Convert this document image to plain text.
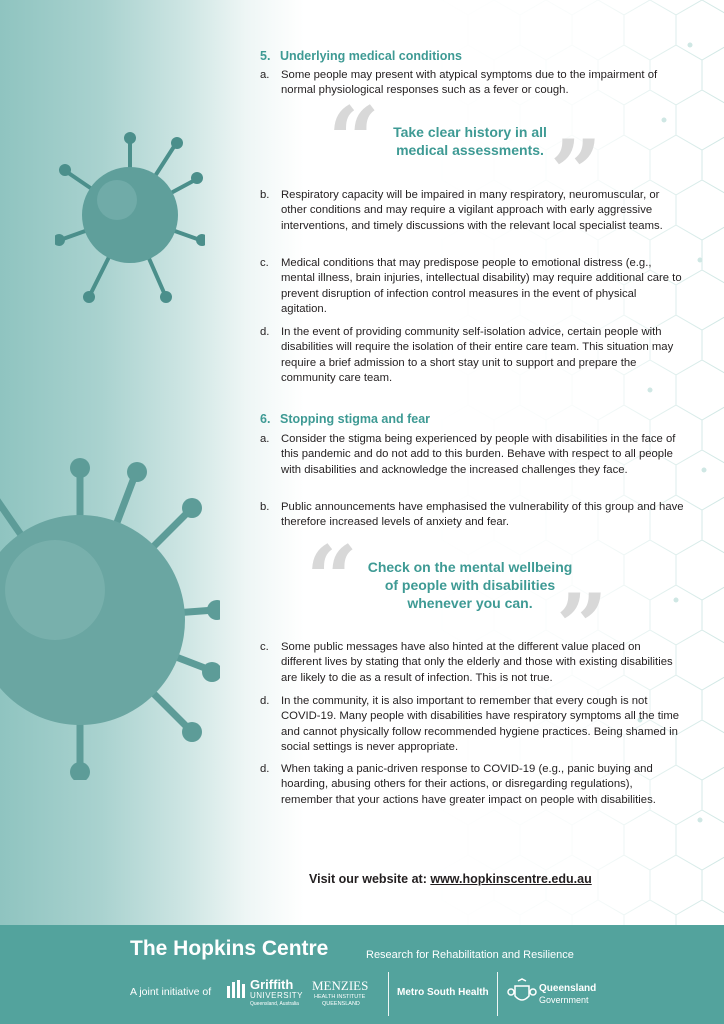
5. Underlying medical conditions
a.	Some people may present with atypical symptoms due to the impairment of normal physiological responses such as a fever or cough.
b.	Respiratory capacity will be impaired in many respiratory, neuromuscular, or other conditions and may require a vigilant approach with early aggressive interventions, and timely discussions with the relevant local specialist teams.
c.	Medical conditions that may predispose people to emotional distress (e.g., mental illness, brain injuries, intellectual disability) may require additional care to prevent disruption of infection control measures in the event of physical agitation.
d.	In the event of providing community self-isolation advice, certain people with disabilities will require the isolation of their entire care team. This situation may require a brief admission to a short stay unit to support and prepare the community care team.
6. Stopping stigma and fear
a.	Consider the stigma being experienced by people with disabilities in the face of this pandemic and do not add to this burden. Behave with respect to all people with disabilities and acknowledge the increased challenges they face.
b.	Public announcements have emphasised the vulnerability of this group and have therefore increased levels of anxiety and fear.
c.	Some public messages have also hinted at the different value placed on different lives by stating that only the elderly and those with existing disabilities are likely to die as a result of infection. This is not true.
d.	In the community, it is also important to remember that every cough is not COVID-19. Many people with disabilities have respiratory symptoms all the time and cannot physically follow recommended hygiene practices. Being shamed in social settings is never appropriate.
d.	When taking a panic-driven response to COVID-19 (e.g., panic buying and hoarding, abusing others for their actions, or disregarding regulations), remember that your actions have greater impact on people with disabilities.
“ ”
Take clear history in all
medical assessments.
“ ”
Check on the mental wellbeing
of people with disabilities
whenever you can.
Visit our website at: www.hopkinscentre.edu.au
The Hopkins Centre	Research for Rehabilitation and Resilience
A joint initiative of	Griffith
UNIVERSITY
Queensland, Australia
MENZIES
HEALTH INSTITUTE
QUEENSLAND
Metro South Health	Queensland
Government
